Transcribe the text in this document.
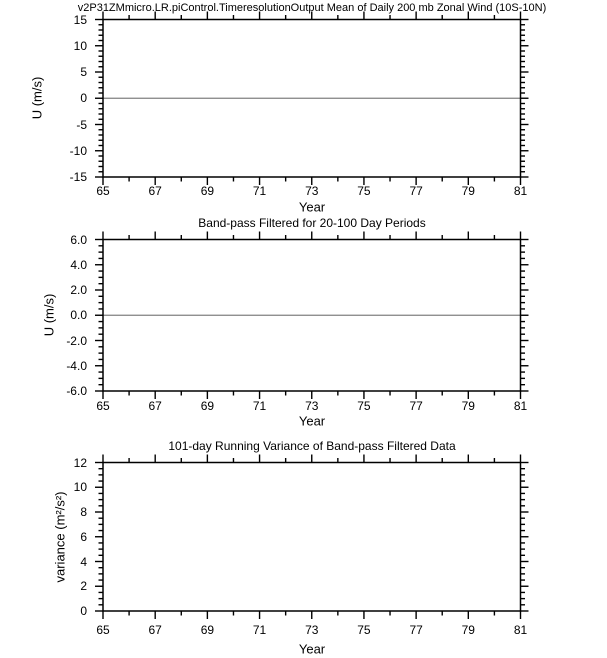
v2P31ZMmicro.LR.piControl.TimeresolutionOutput Mean of Daily 200 mb Zonal Wind (10S-10N)
U (m/s)
Year
Band-pass Filtered for 20-100 Day Periods
U (m/s)
Year
101-day Running Variance of Band-pass Filtered Data
variance (m²/s²)
Year
65	67	69	71	73	75	77	79	81
15
10
5
0
-5
-10
-15
65	67	69	71	73	75	77	79	81
6.0
4.0
2.0
0.0
-2.0
-4.0
-6.0
65	67	69	71	73	75	77	79	81
12
10
8
6
4
2
0
